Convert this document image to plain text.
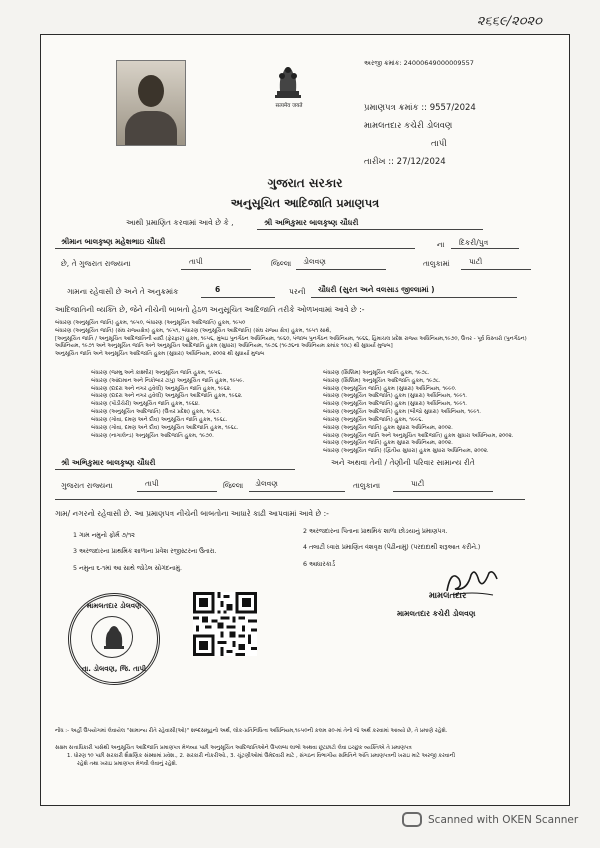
૨૬૬૯/૨૦૨૦
सत्यमेव जयते
અરજી ક્રમાંક: 24000649000009557
પ્રમાણપત્ર ક્રમાંક :: 9557/2024
મામલતદાર કચેરી ડોલવણ
તાપી
તારીખ :: 27/12/2024
ગુજરાત સરકાર
અનુસૂચિત આદિજાતિ પ્રમાણપત્ર
આથી પ્રમાણિત કરવામાં આવે છે કે ,	શ્રી અભિકુમાર બાલકૃષ્ણ ચૌધરી
શ્રીમાન બાલકૃષ્ણ મહેશભાઇ ચૌધરી	ના દિકરી/પુત્ર
છે, તે ગુજરાત રાજ્યના	તાપી	જિલ્લા ડોલવણ	તાલુકામાં	પાટી
ગામના રહેવાસી છે અને તે અનુક્રમાંક	6	પરની ચૌધરી (સુરત અને વલસાડ જીલ્લામાં )
આદિજાતિની વ્યક્તિ છે, જેને નીચેની બાબતો હેઠળ અનુસૂચિત આદિજાતિ તરીકે ઓળખવામાં આવે છે :-
બંધારણ (અનુસૂચિત જાતિ) હુકમ, ૧૯૫૦, બંધારણ (અનુસૂચિત આદિજાતિ) હુકમ, ૧૯૫૦
બંધારણ (અનુસૂચિત જાતિ) (સંઘ રાજ્યક્ષેત્ર) હુકમ, ૧૯૫૧, બંધારણ (અનુસૂચિત આદિજાતિ) (સંઘ રાજ્ય ક્ષેત્ર) હુકમ, ૧૯૫૧ સાથે,
[અનુસૂચિત જાતિ / અનુસૂચિત આદિજાતિની યાદી (ફેરફાર) હુકમ, ૧૯૫૬, મુંબઇ પુનર્ગઠન અધિનિયમ, ૧૯૬૦, પંજાબ પુનર્ગઠન અધિનિયમ, ૧૯૬૬, હિમાચલ પ્રદેશ રાજ્ય અધિનિયમ,૧૯૭૦, ઉત્તર - પૂર્વ વિસ્તારો (પુનર્ગઠન)
અધિનિયમ, ૧૯૭૧ અને અનુસૂચિત જાતિ અને અનુસૂચિત આદિજાતિ હુકમ (સુધારા) અધિનિયમ, ૧૯૭૬ (૧૯૭૬ના અધિનિયમ ક્રમાંક ૧૦૮) થી સુધાર્યા મુજબ]
અનુસૂચિત જાતિ અને અનુસૂચિત આદિજાતિ હુકમ (સુધારા) અધિનિયમ, ૨૦૦૨ થી સુધાર્યા મુજબ
બંધારણ (જમ્મુ અને કાશ્મીર) અનુસૂચિત જાતિ હુકમ, ૧૯૫૬.
બંધારણ (આંદામાન અને નિકોબાર ટાપુ) અનુસૂચિત જાતિ હુકમ, ૧૯૫૯.
બંધારણ (દાદરા અને નગર હવેલી) અનુસૂચિત જાતિ હુકમ, ૧૯૬૨.
બંધારણ (દાદરા અને નગર હવેલી) અનુસૂચિત આદિજાતિ હુકમ, ૧૯૬૨.
બંધારણ (પોંડીચેરી) અનુસૂચિત જાતિ હુકમ, ૧૯૬૪.
બંધારણ (અનુસૂચિત આદિજાતિ) (ઉત્તર પ્રદેશ) હુકમ, ૧૯૬૭.
બંધારણ (ગોવા, દમણ અને દીવ) અનુસૂચિત જાતિ હુકમ, ૧૯૬૮.
બંધારણ (ગોવા, દમણ અને દીવ) અનુસૂચિત આદિજાતિ હુકમ, ૧૯૬૮.
બંધારણ (નાગાલેન્ડ) અનુસૂચિત આદિજાતિ હુકમ, ૧૯૭૦.
બંધારણ (સિક્કિમ) અનુસૂચિત જાતિ હુકમ, ૧૯૭૮.
બંધારણ (સિક્કિમ) અનુસૂચિત આદિજાતિ હુકમ, ૧૯૭૮.
બંધારણ (અનુસૂચિત જાતિ) હુકમ (સુધારા) અધિનિયમ, ૧૯૯૦.
બંધારણ (અનુસૂચિત આદિજાતિ) હુકમ (સુધારા) અધિનિયમ, ૧૯૯૧.
બંધારણ (અનુસૂચિત આદિજાતિ) હુકમ (સુધારા) અધિનિયમ, ૧૯૯૧.
બંધારણ (અનુસૂચિત આદિજાતિ) હુકમ (બીજો સુધારા) અધિનિયમ, ૧૯૯૧.
બંધારણ (અનુસૂચિત આદિજાતિ) હુકમ, ૧૯૯૬.
બંધારણ (અનુસૂચિત જાતિ) હુકમ સુધારા અધિનિયમ, ૨૦૦૨.
બંધારણ (અનુસૂચિત જાતિ અને અનુસૂચિત આદિજાતિ) હુકમ સુધારા અધિનિયમ, ૨૦૦૨.
બંધારણ (અનુસૂચિત જાતિ) હુકમ સુધારા અધિનિયમ, ૨૦૦૨.
બંધારણ (અનુસૂચિત જાતિ) (દ્વિતીય સુધારા) હુકમ સુધારા અધિનિયમ, ૨૦૦૨.
શ્રી અભિકુમાર બાલકૃષ્ણ ચૌધરી	અને અથવા તેની / તેણીની પરિવાર સામાન્ય રીતે
ગુજરાત રાજ્યના	તાપી	જિલ્લા ડોલવણ	તાલુકાના	પાટી
ગામ/ નગરનો રહેવાસી છે. આ પ્રમાણપત્ર નીચેની બાબતોના આધારે કાઢી આપવામાં આવે છે :-
1 ગામ નમુનો ફોર્મ ૭/૧૨
3 અરજદારના પ્રાથમિક શાળાના પ્રવેશ રજીસ્ટરના ઉતારા.
5 નમુના ૬-૧માં આ સાથે જોડેલ સોગંદનામું.
2 અરજદારના પિતાના પ્રાથમિક શાળા છોડયાનું પ્રમાણપત્ર.
4 તલાટી ધ્વારા પ્રમાણિત વંશવૃક્ષ (પેઢીનામું) (પરદાદાથી શરૂઆત કરીને.)
6 આધારકાર્ડ
મામલતદાર
મામલતદાર કચેરી ડોલવણ
મામલતદાર ડોલવણ
તા. ડોલવણ, જિ. તાપી
નોંધ :- અહીં ઉપયોગમાં લેવાયેલ "સામાન્ય રીતે રહેવાસી(ઓ)" શબ્દસમૂહનો અર્થ, લોક-પ્રતિનિધિત્વ અધિનિયમ,૧૯૫૦ની કલમ ૨૦-માં તેનો જે અર્થ કરવામાં આવ્યો છે, તે પ્રમાણે રહેશે.
સક્ષમ સત્તાધિકારી પાસેથી અનુસૂચિત આદિજાતિ પ્રમાણપત્ર મેળવ્યા પછી અનુસૂચિત આદિજાતિઓને ઉપલબ્ધ લાભો અથવા છૂટછાટો લેવા ઇચ્છુક વ્યક્તિએ તે પ્રમાણપત્ર
1. ધોરણ ૧૦ પછી સરકારી શૈક્ષણિક સંસ્થામાં પ્રવેશ., 2. સરકારી નોકરીઓ., 3. ચૂંટણીઓમાં ઉમેદવારી માટે , સંગઠન વિભાગીય સમિતિને અંતિ પ્રમાણપત્રની ખરાઇ માટે અરજી કરવાની
રહેશે તથા ખરાઇ પ્રમાણપત્ર મેળવી લેવાનું રહેશે.
Scanned with OKEN Scanner
